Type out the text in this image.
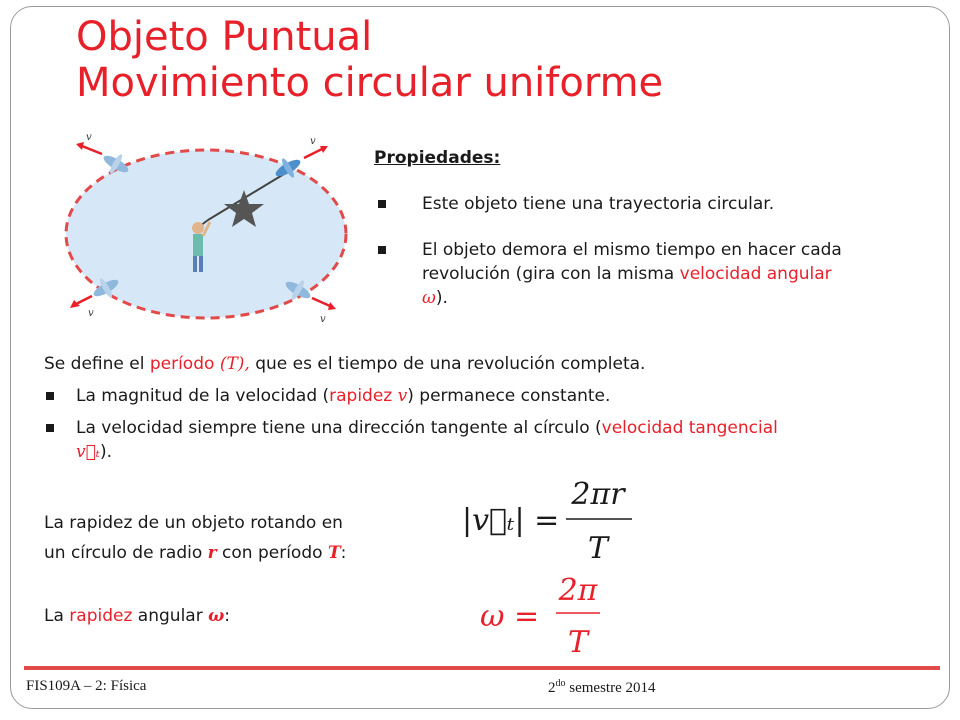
Objeto Puntual
Movimiento circular uniforme
v
v
v
v

Propiedades:

Este objeto tiene una trayectoria circular.
El objeto demora el mismo tiempo en hacer cada revolución (gira con la misma velocidad angular
ω).

Se define el período (T), que es el tiempo de una revolución completa.

La magnitud de la velocidad (rapidez v) permanece constante.
La velocidad siempre tiene una dirección tangente al círculo (velocidad tangencial
v⃗ₜ).
La rapidez de un objeto rotando en
un círculo de radio r con período T:
La rapidez angular ω:
|v⃗ₜ| =
2πr
T
ω =
2π
T
FIS109A – 2: Física	$2^{do}$ semestre 2014
